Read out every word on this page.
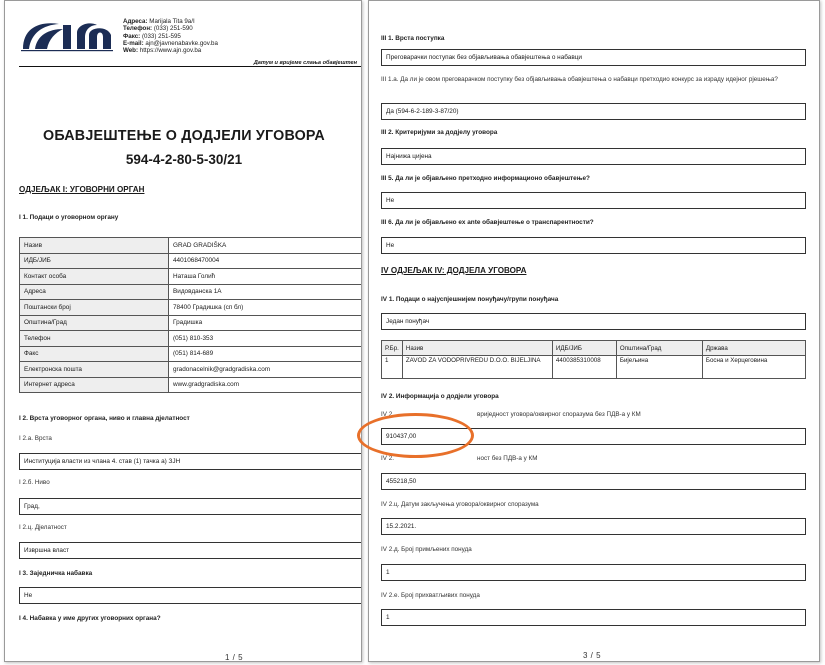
Адреса: Marijala Tita 9a/I
Телефон: (033) 251-590
Факс: (033) 251-595
E-mail: ajn@javnenabavke.gov.ba
Web: https://www.ajn.gov.ba
Датум и вријеме слања обавјештен
ОБАВЈЕШТЕЊЕ О ДОДЈЕЛИ УГОВОРА
594-4-2-80-5-30/21
ОДЈЕЉАК I: УГОВОРНИ ОРГАН
I 1. Подаци о уговорном органу
Назив	GRAD GRADIŠKA
ИДБ/ЈИБ	4401068470004
Контакт особа	Наташа Голић
Адреса	Видовданска 1А
Поштански број	78400 Градишка (сп бл)
Општина/Град	Градишка
Телефон	(051) 810-353
Факс	(051) 814-689
Електронска пошта	gradonacelnik@gradgradiska.com
Интернет адреса	www.gradgradiska.com
I 2. Врста уговорног органа, ниво и главна дјелатност
I 2.а. Врста
Институција власти из члана 4. став (1) тачка а) ЗЈН
I 2.б. Ниво
Град,
I 2.ц. Дјелатност
Извршна власт
I 3. Заједничка набавка
Не
I 4. Набавка у име других уговорних органа?
1 / 5
III 1. Врста поступка
Преговарачки поступак без објављивања обавјештења о набавци
III 1.а. Да ли је овом преговарачком поступку без објављивања обавјештења о набавци претходио конкурс за израду идејног рјешења?
Да (594-6-2-189-3-87/20)
III 2. Критеријуми за додјелу уговора
Најнижа цијена
III 5. Да ли је објављено претходно информационо обавјештење?
Не
III 6. Да ли је објављено ex ante обавјештење о транспарентности?
Не
IV ОДЈЕЉАК IV: ДОДЈЕЛА УГОВОРА
IV 1. Подаци о најуспјешнијем понуђачу/групи понуђача
Један понуђач
Р.Бр.	Назив	ИДБ/ЈИБ	Општина/Град	Држава
1	ZAVOD ZA VODOPRIVREDU D.O.O. BIJELJINA	4400385310008	Бијељина	Босна и Херцеговина
IV 2. Информација о додјели уговора
IV 2.	вриједност уговора/оквирног споразума без ПДВ-а у КМ
910437,00
IV 2.	ност без ПДВ-а у КМ
455218,50
IV 2.ц. Датум закључења уговора/оквирног споразума
15.2.2021.
IV 2.д. Број примљених понуда
1
IV 2.е. Број прихватљивих понуда
1
3 / 5
